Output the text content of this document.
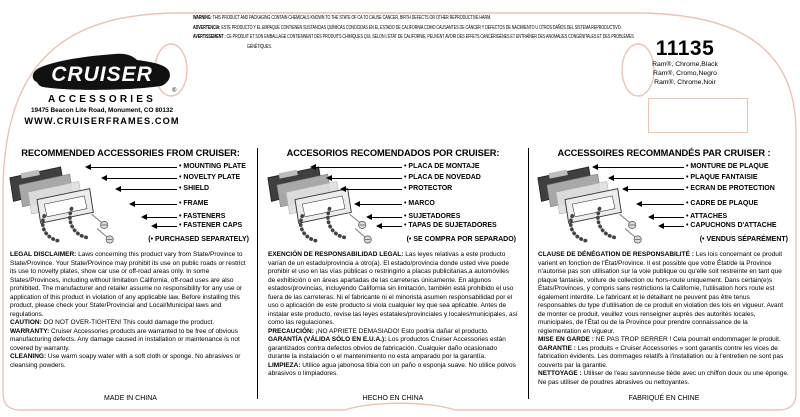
CRUISER
®
ACCESSORIES
19475 Beacon Lite Road, Monument, CO 80132
WWW.CRUISERFRAMES.COM
WARNING: THIS PRODUCT AND PACKAGING CONTAIN CHEMICALS KNOWN TO THE STATE OF CA TO CAUSE CANCER, BIRTH DEFECTS OR OTHER REPRODUCTIVE HARM.
ADVERTENCIA: ESTE PRODUCTO Y EL EMPAQUE CONTIENEN SUSTANCIAS QUÍMICAS CONOCIDAS EN EL ESTADO DE CALIFORNIA COMO CAUSANTES DE CÁNCER Y DEFECTOS DE NACIMIENTO U OTROS DAÑOS DEL SISTEMA REPRODUCTIVO.
AVERTISSEMENT : CE PRODUIT ET SON EMBALLAGE CONTIENNENT DES PRODUITS CHIMIQUES QUI, SELON L'ÉTAT DE CALIFORNIE, PEUVENT AVOIR DES EFFETS CANCÉRIGÈNES ET ENTRAÎNER DES ANOMALIES CONGÉNITALES ET DES PROBLÈMES GÉNÉTIQUES.	11135
Ram®, Chrome,Black
Ram®, Cromo,Negro
Ram®, Chrome,Noir
RECOMMENDED ACCESSORIES FROM CRUISER:
• MOUNTING PLATE
• NOVELTY PLATE
• SHIELD
• FRAME
• FASTENERS
• FASTENER CAPS
(• PURCHASED SEPARATELY)
LEGAL DISCLAIMER: Laws concerning this product vary from State/Province to State/Province. Your State/Province may prohibit its use on public roads or restrict its use to novelty plates, show car use or off-road areas only. In some States/Provinces, including without limitation California, off-road uses are also prohibited. The manufacturer and retailer assume no responsibility for any use or application of this product in violation of any applicable law. Before installing this product, please check your State/Provincial and Local/Municipal laws and regulations.
CAUTION: DO NOT OVER-TIGHTEN! This could damage the product.
WARRANTY: Cruiser Accessories products are warranted to be free of obvious manufacturing defects. Any damage caused in installation or maintenance is not covered by warranty.
CLEANING: Use warm soapy water with a soft cloth or sponge. No abrasives or cleansing powders.
MADE IN CHINA
ACCESORIOS RECOMENDADOS POR CRUISER:
• PLACA DE MONTAJE
• PLACA DE NOVEDAD
• PROTECTOR
• MARCO
• SUJETADORES
• TAPAS DE SUJETADORES
(• SE COMPRA POR SEPARADO)
EXENCIÓN DE RESPONSABILIDAD LEGAL: Las leyes relativas a este producto varían de un estado/provincia a otro(a). El estado/provincia donde usted vive puede prohibir el uso en las vías públicas o restringirlo a placas publicitarias,a automóviles de exhibición o en áreas apartadas de las carreteras únicamente. En algunos estados/provincias, incluyendo California sin limitación, también está prohibido el uso fuera de las carreteras. Ni el fabricante ni el minorista asumen responsabilidad por el uso o aplicación de este producto si viola cualquier ley que sea aplicable. Antes de instalar este producto, revise las leyes estatales/provinciales y locales/municipales, así como las regulaciones.
PRECAUCIÓN: ¡NO APRIETE DEMASIADO! Esto podría dañar el producto.
GARANTÍA (VÁLIDA SÓLO EN E.U.A.): Los productos Cruiser Accessories están garantizados contra defectos obvios de fabricación. Cualquier daño ocasionado durante la instalación o el mantenimiento no está amparado por la garantía.
LIMPIEZA: Utilice agua jabonosa tibia con un paño o esponja suave. No utilice polvos abrasivos o limpiadores.
HECHO EN CHINA
ACCESSOIRES RECOMMANDÉS PAR CRUISER :
• MONTURE DE PLAQUE
• PLAQUE FANTAISIE
• ÉCRAN DE PROTECTION
• CADRE DE PLAQUE
• ATTACHES
• CAPUCHONS D'ATTACHE
(• VENDUS SÉPARÉMENT)
CLAUSE DE DÉNÉGATION DE RESPONSABILITÉ : Les lois concernant ce produit varient en fonction de l'État/Province. Il est possible que votre État/de la Province n'autorise pas son utilisation sur la voie publique ou qu'elle soit restreinte en tant que plaque fantaisie, voiture de collection ou hors-route uniquement. Dans certain(e)s États/Provinces, y compris sans restrictions la Californie, l'utilisation hors route est également interdite. Le fabricant et le détaillant ne peuvent pas être tenus responsables du type d'utilisation de ce produit en violation des lois en vigueur. Avant de monter ce produit, veuillez vous renseigner auprès des autorités locales, municipales, de l'État ou de la Province pour prendre connaissance de la réglementation en vigueur.
MISE EN GARDE : NE PAS TROP SERRER ! Cela pourrait endommager le produit.
GARANTIE : Les produits « Cruiser Accessories » sont garantis contre les vices de fabrication évidents. Les dommages relatifs à l'installation ou à l'entretien ne sont pas couverts par la garantie.
NETTOYAGE : Utiliser de l'eau savonneuse tiède avec un chiffon doux ou une éponge. Ne pas utiliser de poudres abrasives ou nettoyantes.
FABRIQUÉ EN CHINE
